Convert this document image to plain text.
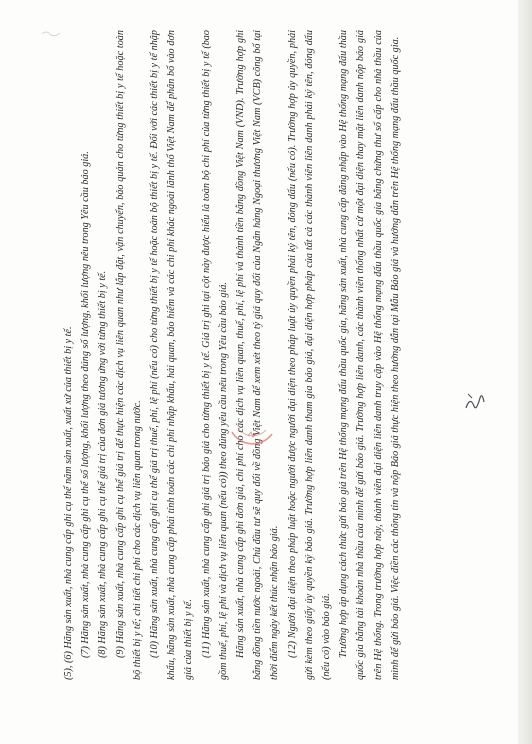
(5), (6) Hãng sản xuất, nhà cung cấp ghi cụ thể năm sản xuất, xuất xứ của thiết bị y tế. (7) Hãng sản xuất, nhà cung cấp ghi cụ thể số lượng, khối lượng theo đúng số lượng, khối lượng nêu trong Yêu cầu báo giá. (8) Hãng sản xuất, nhà cung cấp ghi cụ thể giá trị của đơn giá tương ứng với từng thiết bị y tế. (9) Hãng sản xuất, nhà cung cấp ghi cụ thể giá trị để thực hiện các dịch vụ liên quan như lắp đặt, vận chuyển, bảo quản cho từng thiết bị y tế hoặc toàn bộ thiết bị y tế; chi tiết chi phí cho các dịch vụ liên quan trong nước. (10) Hãng sản xuất, nhà cung cấp ghi cụ thể giá trị thuế, phí, lệ phí (nếu có) cho từng thiết bị y tế hoặc toàn bộ thiết bị y tế. Đối với các thiết bị y tế nhập khẩu, hãng sản xuất, nhà cung cấp phải tính toán các chi phí nhập khẩu, hải quan, bảo hiểm và các chi phí khác ngoài lãnh thổ Việt Nam để phân bổ vào đơn giá của thiết bị y tế. (11) Hãng sản xuất, nhà cung cấp ghi giá trị báo giá cho từng thiết bị y tế. Giá trị ghi tại cột này được hiểu là toàn bộ chi phí của từng thiết bị y tế (bao gồm thuế, phí, lệ phí và dịch vụ liên quan (nếu có)) theo đúng yêu cầu nêu trong Yêu cầu báo giá. Hãng sản xuất, nhà cung cấp ghi đơn giá, chi phí cho các dịch vụ liên quan, thuế, phí, lệ phí và thành tiền bằng đồng Việt Nam (VND). Trường hợp ghi bằng đồng tiền nước ngoài, Chủ đầu tư sẽ quy đổi về đồng Việt Nam để xem xét theo tỷ giá quy đổi của Ngân hàng Ngoại thương Việt Nam (VCB) công bố tại thời điểm ngày kết thúc nhận báo giá. (12) Người đại diện theo pháp luật hoặc người được người đại diện theo pháp luật ủy quyền phải ký tên, đóng dấu (nếu có). Trường hợp ủy quyền, phải gửi kèm theo giấy ủy quyền ký báo giá. Trường hợp liên danh tham gia báo giá, đại diện hợp pháp của tất cả các thành viên liên danh phải ký tên, đóng dấu (nếu có) vào báo giá. Trường hợp áp dụng cách thức gửi báo giá trên Hệ thống mạng đấu thầu quốc gia, hãng sản xuất, nhà cung cấp đăng nhập vào Hệ thống mạng đấu thầu quốc gia bằng tài khoản nhà thầu của mình để gửi báo giá. Trường hợp liên danh, các thành viên thống nhất cử một đại diện thay mặt liên danh nộp báo giá trên Hệ thống. Trong trường hợp này, thành viên đại diện liên danh truy cập vào Hệ thống mạng đấu thầu quốc gia bằng chứng thư số cấp cho nhà thầu của mình để gửi báo giá. Việc điền các thông tin và nộp Báo giá thực hiện theo hướng dẫn tại Mẫu Báo giá và hướng dẫn trên Hệ thống mạng đấu thầu quốc gia.
